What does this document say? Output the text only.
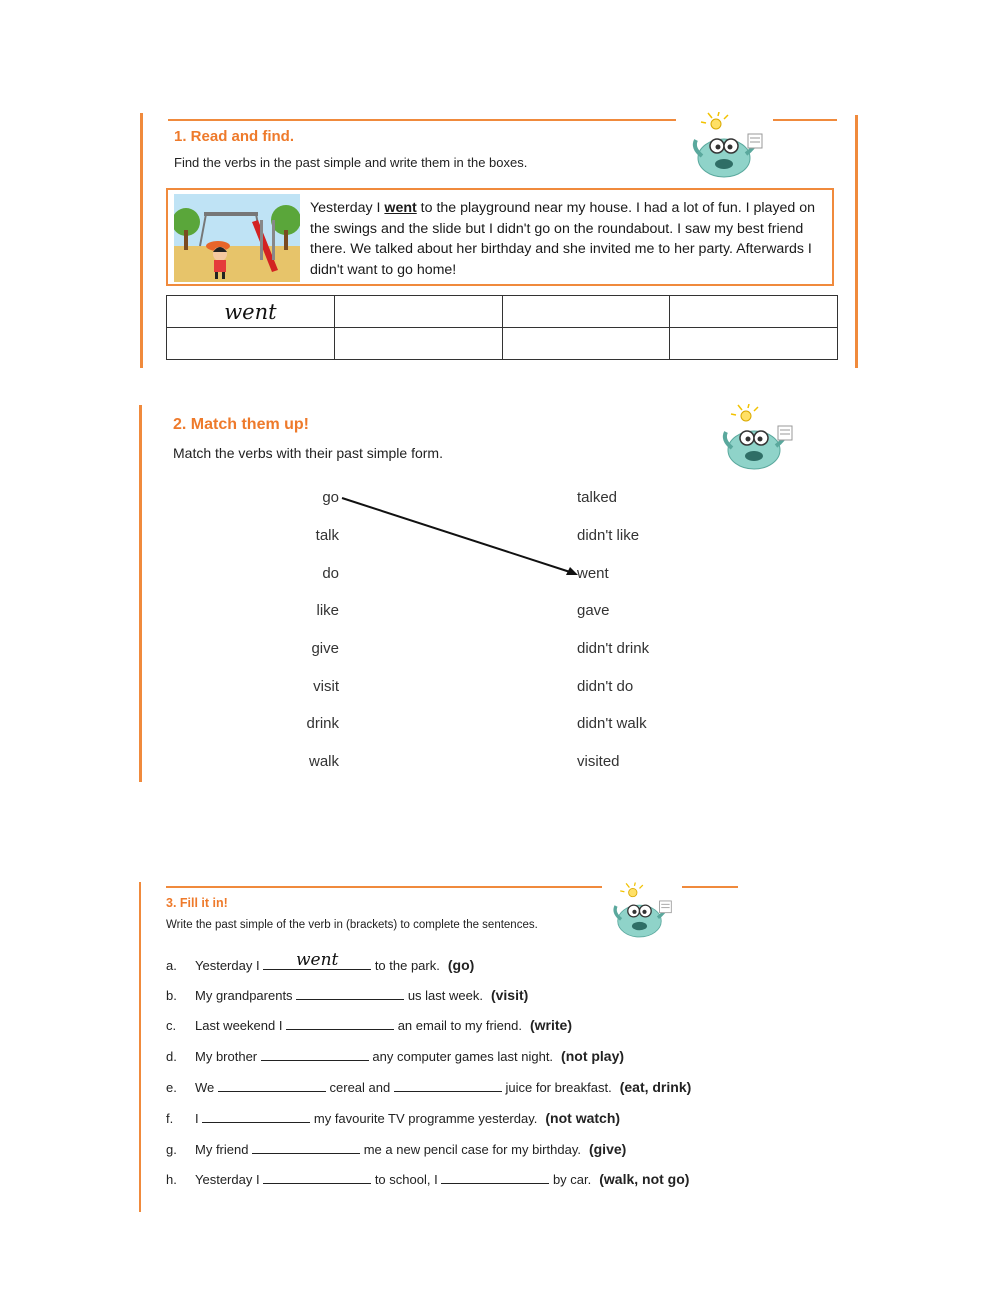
1. Read and find.
Find the verbs in the past simple and write them in the boxes.
Yesterday I went to the playground near my house. I had a lot of fun. I played on the swings and the slide but I didn't go on the roundabout. I saw my best friend there. We talked about her birthday and she invited me to her party. Afterwards I didn't want to go home!
went			

2. Match them up!
Match the verbs with their past simple form.
go
talk
do
like
give
visit
drink
walk
talked
didn't like
went
gave
didn't drink
didn't do
didn't walk
visited
3. Fill it in!
Write the past simple of the verb in (brackets) to complete the sentences.
a. Yesterday I	went	to the park. (go)
b. My grandparents	us last week. (visit)
c. Last weekend I	an email to my friend. (write)
d. My brother	any computer games last night. (not play)
e. We	cereal and	juice for breakfast. (eat, drink)
f. I	my favourite TV programme yesterday. (not watch)
g. My friend	me a new pencil case for my birthday. (give)
h. Yesterday I	to school, I	by car. (walk, not go)
